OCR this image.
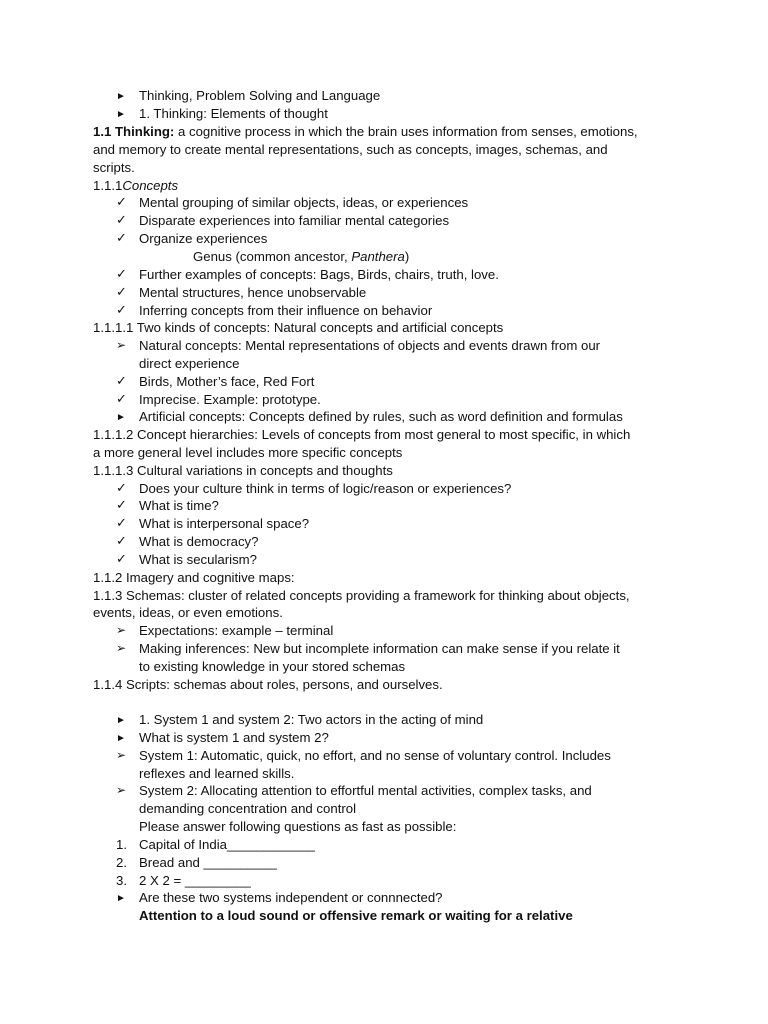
► Thinking, Problem Solving and Language
► 1. Thinking: Elements of thought
1.1 Thinking: a cognitive process in which the brain uses information from senses, emotions,
and memory to create mental representations, such as concepts, images, schemas, and
scripts.
1.1.1Concepts
✓ Mental grouping of similar objects, ideas, or experiences
✓ Disparate experiences into familiar mental categories
✓ Organize experiences
Genus (common ancestor, Panthera)
✓ Further examples of concepts: Bags, Birds, chairs, truth, love.
✓ Mental structures, hence unobservable
✓ Inferring concepts from their influence on behavior
1.1.1.1 Two kinds of concepts: Natural concepts and artificial concepts
➢ Natural concepts: Mental representations of objects and events drawn from our
direct experience
✓ Birds, Mother’s face, Red Fort
✓ Imprecise. Example: prototype.
► Artificial concepts: Concepts defined by rules, such as word definition and formulas
1.1.1.2 Concept hierarchies: Levels of concepts from most general to most specific, in which
a more general level includes more specific concepts
1.1.1.3 Cultural variations in concepts and thoughts
✓ Does your culture think in terms of logic/reason or experiences?
✓ What is time?
✓ What is interpersonal space?
✓ What is democracy?
✓ What is secularism?
1.1.2 Imagery and cognitive maps:
1.1.3 Schemas: cluster of related concepts providing a framework for thinking about objects,
events, ideas, or even emotions.
➢ Expectations: example – terminal
➢ Making inferences: New but incomplete information can make sense if you relate it
to existing knowledge in your stored schemas
1.1.4 Scripts: schemas about roles, persons, and ourselves.
► 1. System 1 and system 2: Two actors in the acting of mind
► What is system 1 and system 2?
➢ System 1: Automatic, quick, no effort, and no sense of voluntary control. Includes
reflexes and learned skills.
➢ System 2: Allocating attention to effortful mental activities, complex tasks, and
demanding concentration and control
Please answer following questions as fast as possible:
1. Capital of India____________
2. Bread and __________
3. 2 X 2 = _________
► Are these two systems independent or connnected?
Attention to a loud sound or offensive remark or waiting for a relative
